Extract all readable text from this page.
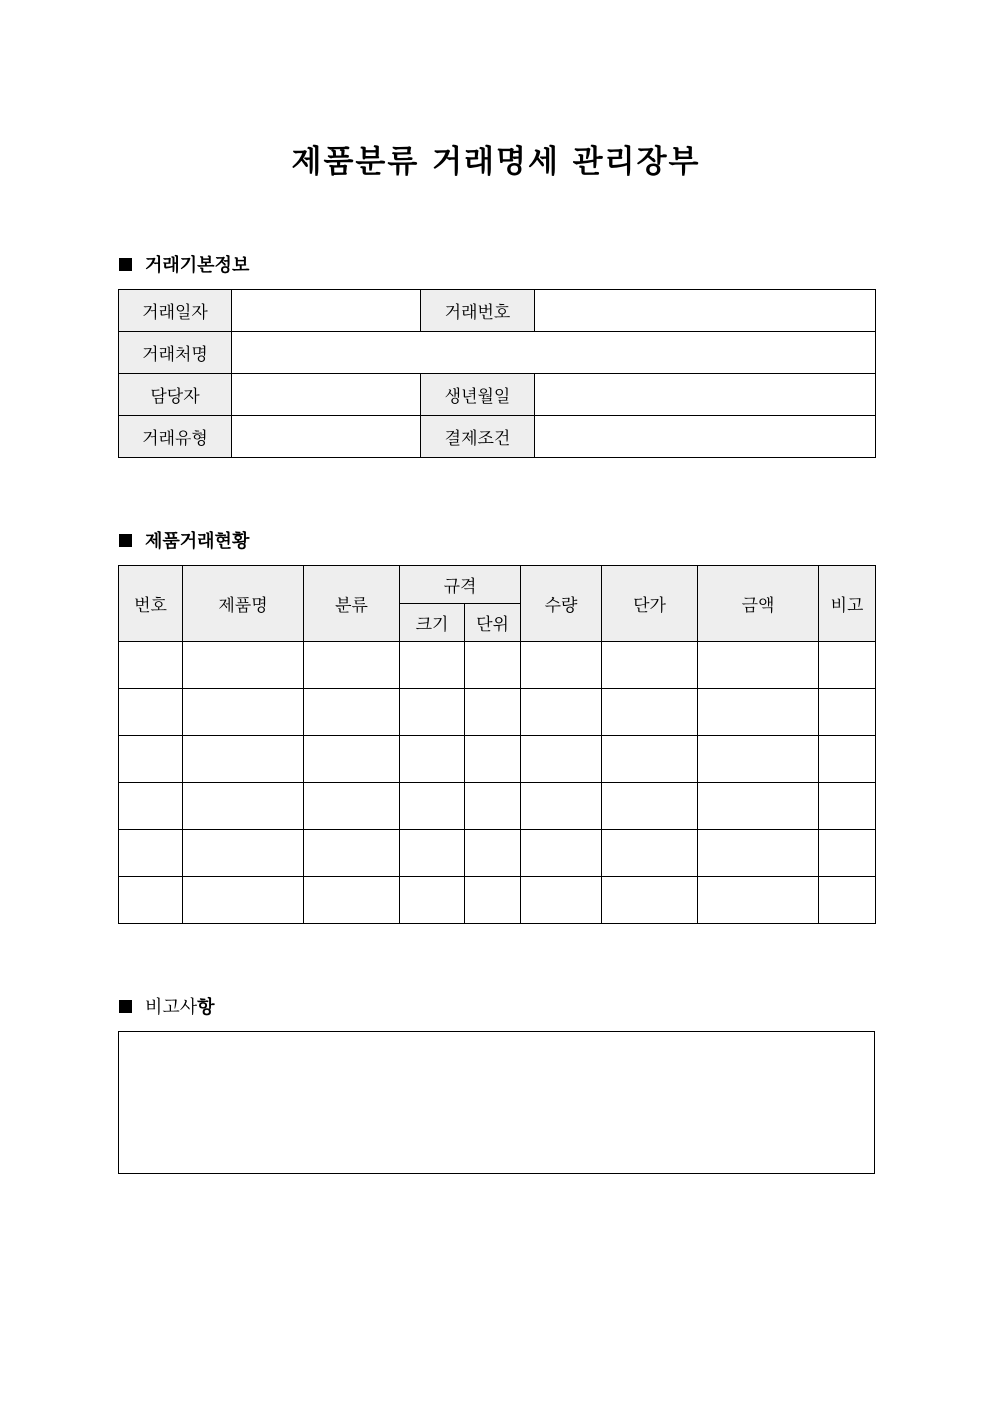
제품분류 거래명세 관리장부
거래기본정보
거래일자		거래번호	
거래처명			
담당자		생년월일	
거래유형		결제조건	
제품거래현황
번호	제품명	분류	규격		수량	단가	금액	비고
			크기	단위				

비고사 항
